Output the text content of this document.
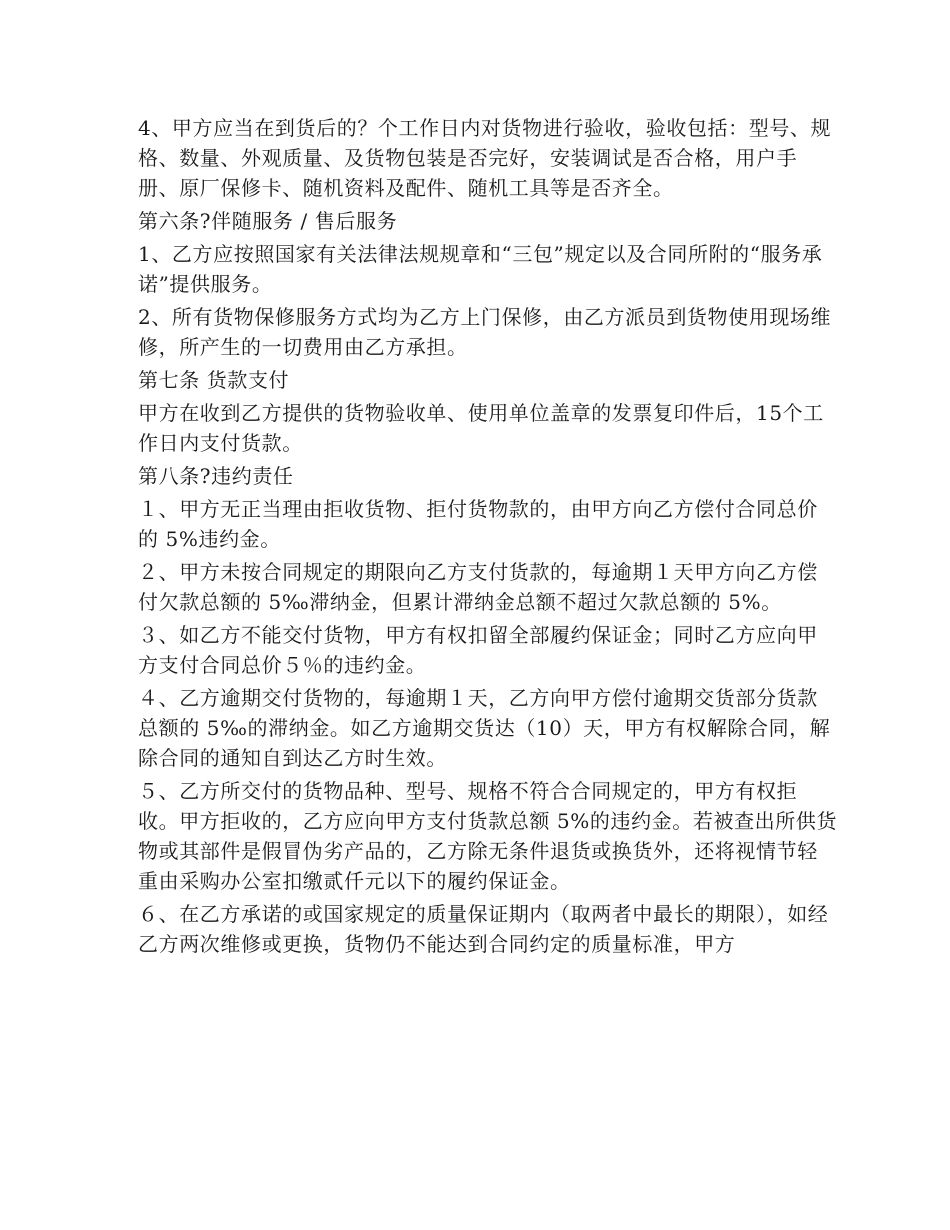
4、甲方应当在到货后的？个工作日内对货物进行验收，验收包括：型号、规格、数量、外观质量、及货物包装是否完好，安装调试是否合格，用户手册、原厂保修卡、随机资料及配件、随机工具等是否齐全。

第六条?伴随服务 / 售后服务

1、乙方应按照国家有关法律法规规章和“三包”规定以及合同所附的“服务承诺”提供服务。

2、所有货物保修服务方式均为乙方上门保修，由乙方派员到货物使用现场维修，所产生的一切费用由乙方承担。

第七条 货款支付

甲方在收到乙方提供的货物验收单、使用单位盖章的发票复印件后，15个工作日内支付货款。

第八条?违约责任

１、甲方无正当理由拒收货物、拒付货物款的，由甲方向乙方偿付合同总价的 5%违约金。

２、甲方未按合同规定的期限向乙方支付货款的，每逾期１天甲方向乙方偿付欠款总额的 5‰滞纳金，但累计滞纳金总额不超过欠款总额的 5%。

３、如乙方不能交付货物，甲方有权扣留全部履约保证金；同时乙方应向甲方支付合同总价５％的违约金。

４、乙方逾期交付货物的，每逾期１天，乙方向甲方偿付逾期交货部分货款总额的 5‰的滞纳金。如乙方逾期交货达（10）天，甲方有权解除合同，解除合同的通知自到达乙方时生效。

５、乙方所交付的货物品种、型号、规格不符合合同规定的，甲方有权拒收。甲方拒收的，乙方应向甲方支付货款总额 5%的违约金。若被查出所供货物或其部件是假冒伪劣产品的，乙方除无条件退货或换货外，还将视情节轻重由采购办公室扣缴贰仟元以下的履约保证金。

６、在乙方承诺的或国家规定的质量保证期内（取两者中最长的期限），如经乙方两次维修或更换，货物仍不能达到合同约定的质量标准，甲方
